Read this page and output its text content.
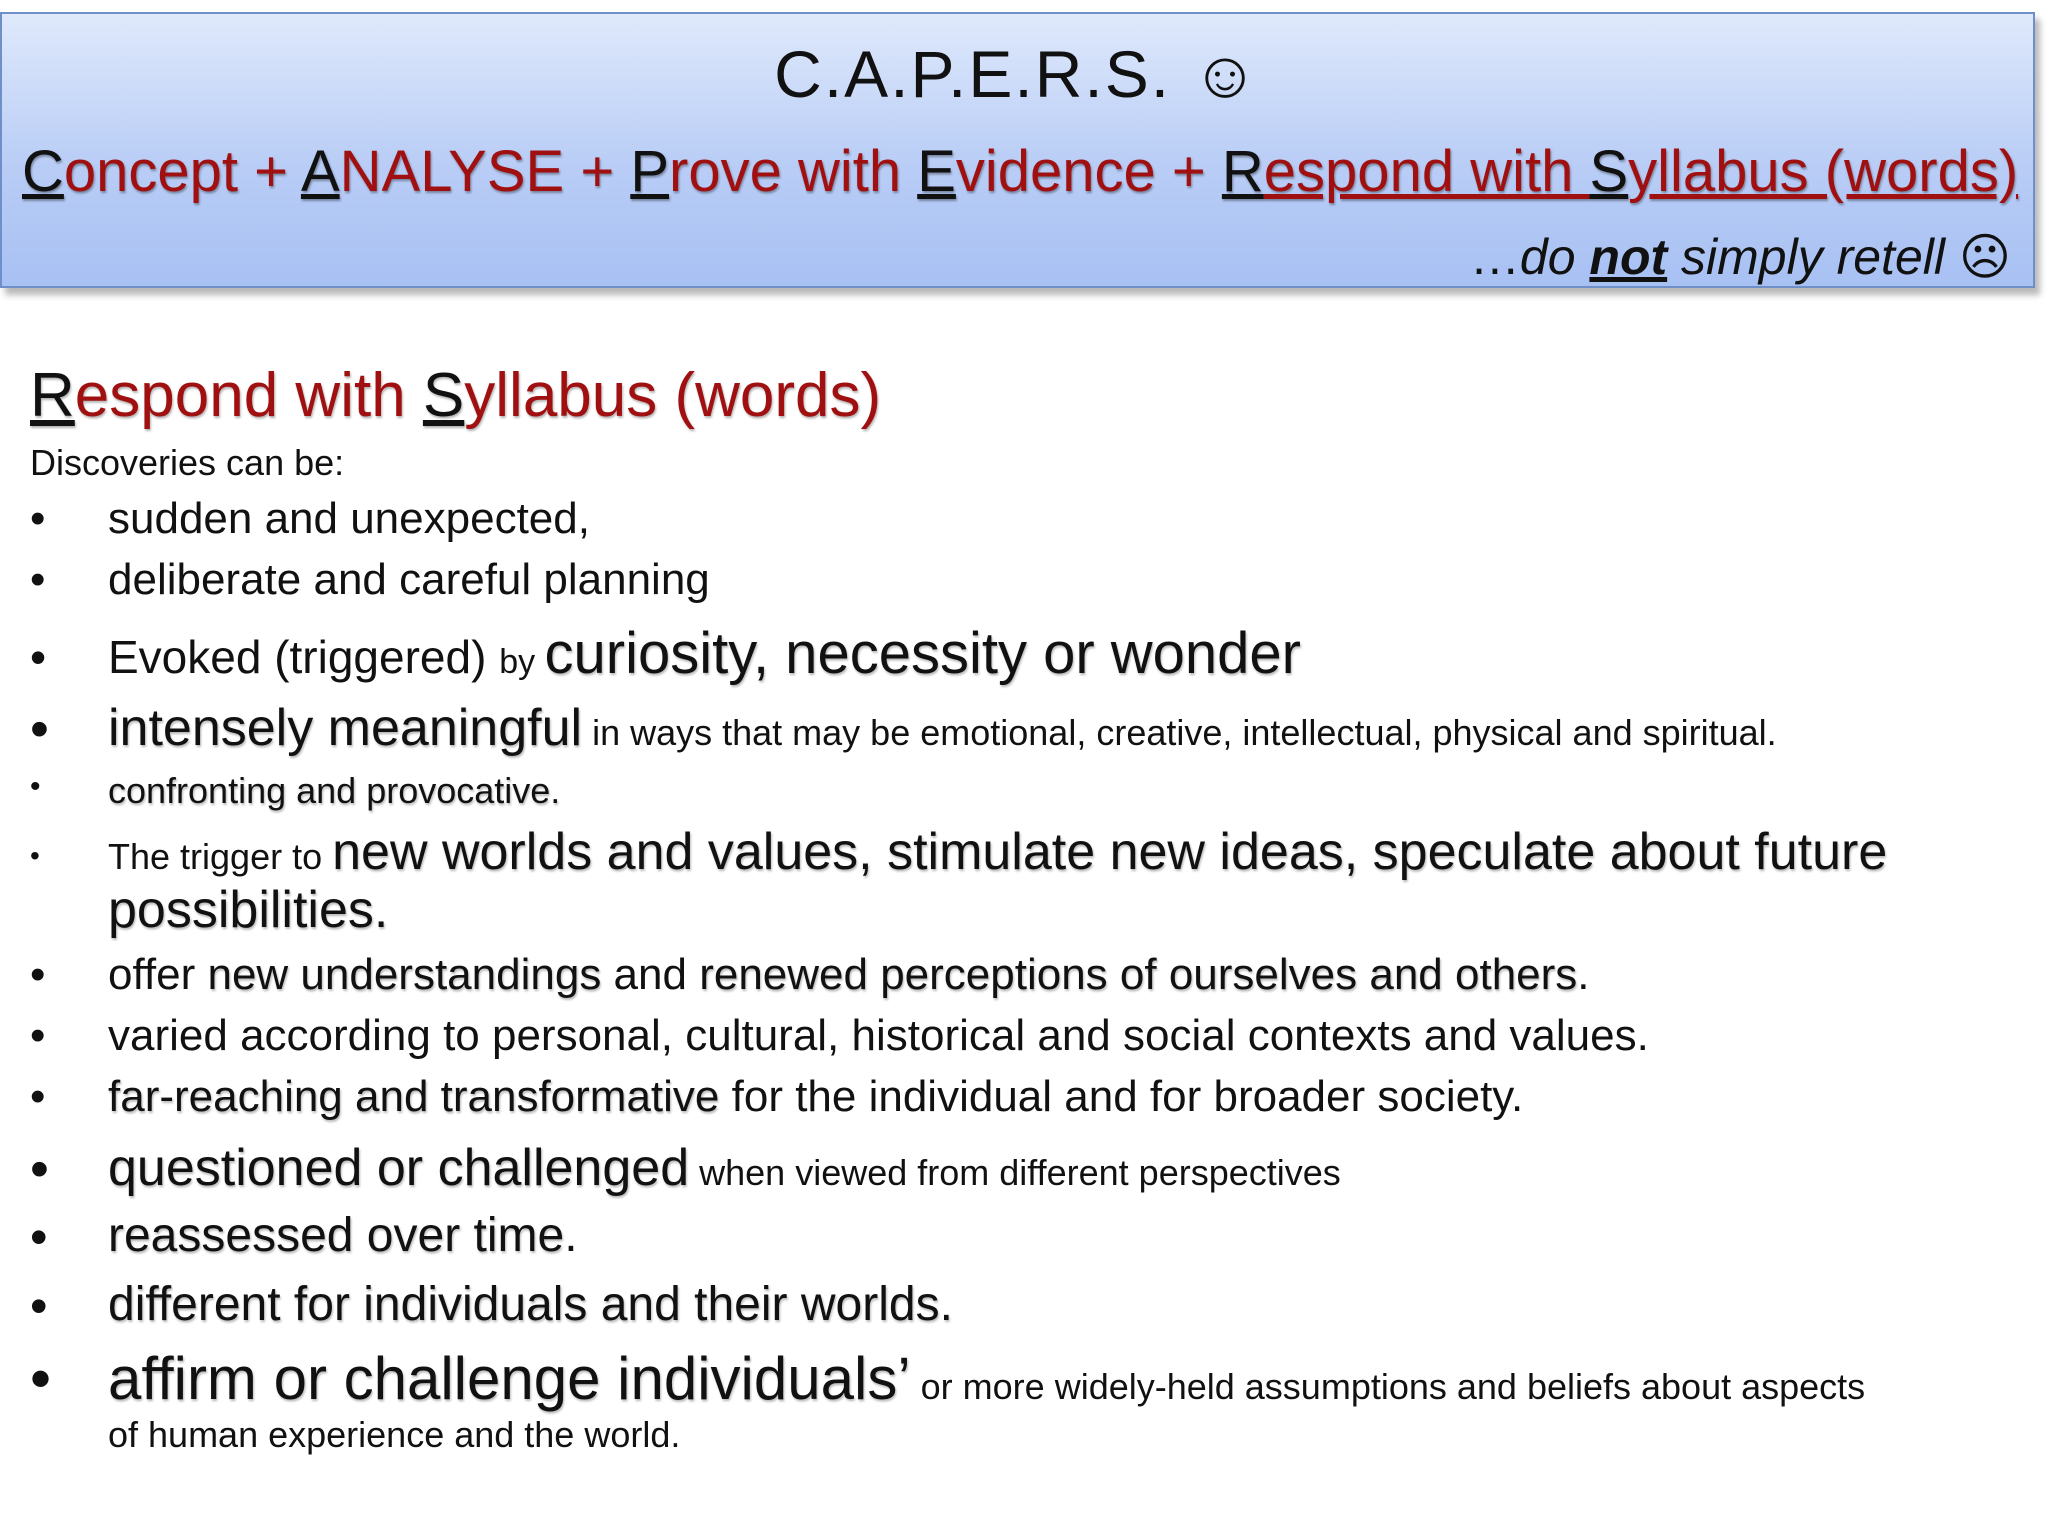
C.A.P.E.R.S. ☺
Concept + ANALYSE + Prove with Evidence + Respond with Syllabus (words)
…do not simply retell ☹
Respond with Syllabus (words)
Discoveries can be:
• sudden and unexpected,
• deliberate and careful planning
• Evoked (triggered) by curiosity, necessity or wonder
• intensely meaningful in ways that may be emotional, creative, intellectual, physical and spiritual.
• confronting and provocative.
• The trigger to new worlds and values, stimulate new ideas, speculate about future
possibilities.
• offer new understandings and renewed perceptions of ourselves and others.
• varied according to personal, cultural, historical and social contexts and values.
• far-reaching and transformative for the individual and for broader society.
• questioned or challenged when viewed from different perspectives
• reassessed over time.
• different for individuals and their worlds.
• affirm or challenge individuals’ or more widely-held assumptions and beliefs about aspects
of human experience and the world.
